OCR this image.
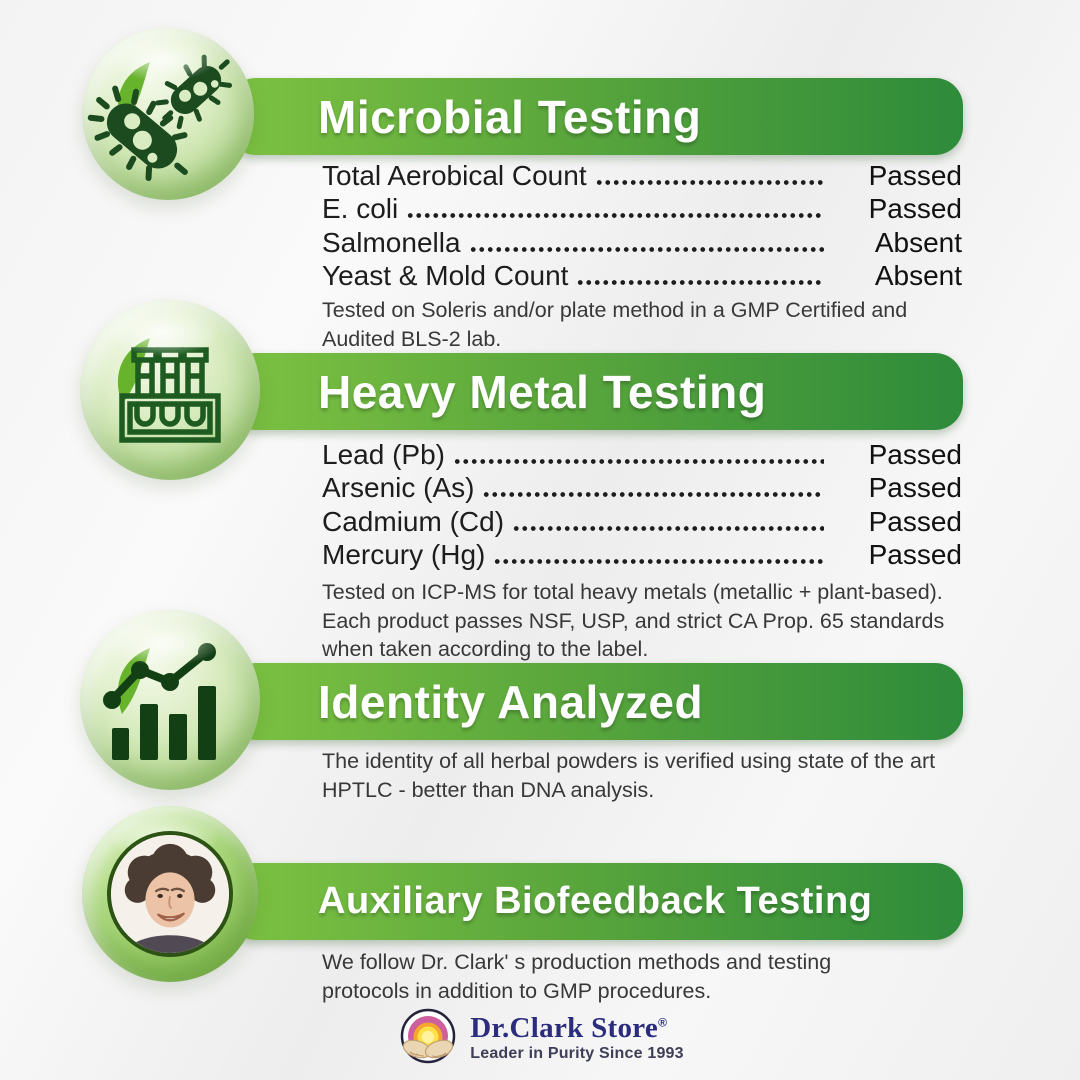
Microbial Testing
Total Aerobical Count	Passed
E. coli	Passed
Salmonella	Absent
Yeast & Mold Count	Absent

Tested on Soleris and/or plate method in a GMP Certified and Audited BLS-2 lab.

Heavy Metal Testing
Lead (Pb)	Passed
Arsenic (As)	Passed
Cadmium (Cd)	Passed
Mercury (Hg)	Passed

Tested on ICP-MS for total heavy metals (metallic + plant-based). Each product passes NSF, USP, and strict CA Prop. 65 standards when taken according to the label.

Identity Analyzed

The identity of all herbal powders is verified using state of the art HPTLC - better than DNA analysis.

Auxiliary Biofeedback Testing

We follow Dr. Clark' s production methods and testing protocols in addition to GMP procedures.

Dr.Clark Store®
Leader in Purity Since 1993
